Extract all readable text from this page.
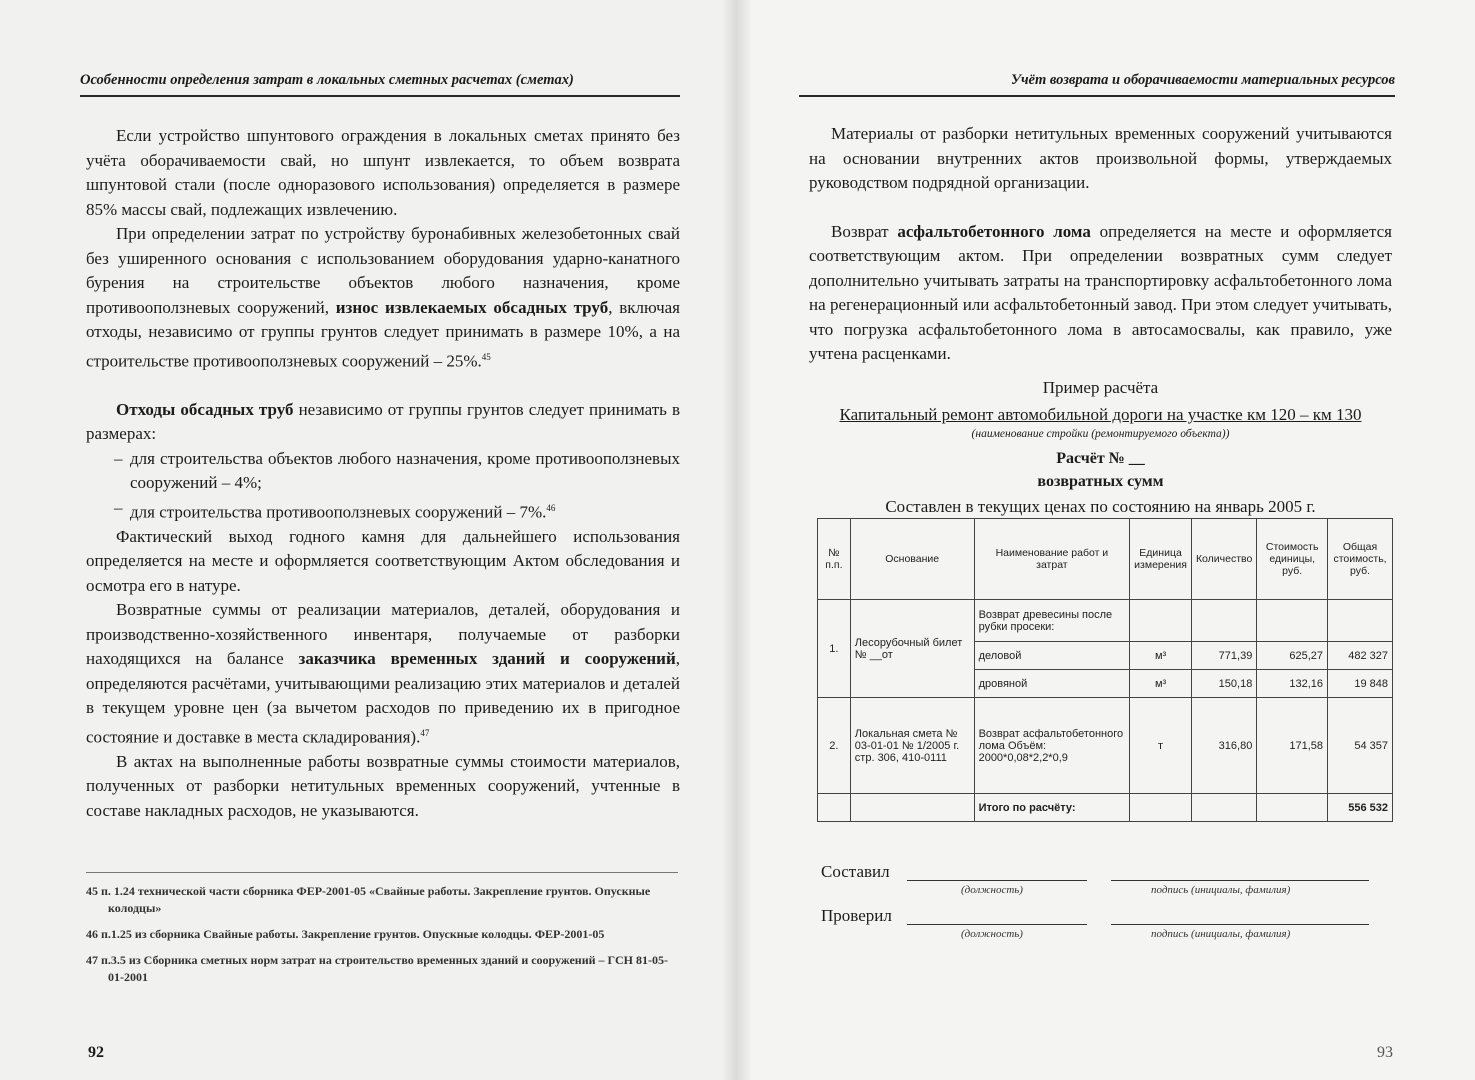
Особенности определения затрат в локальных сметных расчетах (сметах)

Если устройство шпунтового ограждения в локальных сметах принято без учёта оборачиваемости свай, но шпунт извлекается, то объем возврата шпунтовой стали (после одноразового использования) определяется в размере 85% массы свай, подлежащих извлечению.

При определении затрат по устройству буронабивных железобетонных свай без уширенного основания с использованием оборудования ударно-канатного бурения на строительстве объектов любого назначения, кроме противооползневых сооружений, износ извлекаемых обсадных труб, включая отходы, независимо от группы грунтов следует принимать в размере 10%, а на строительстве противооползневых сооружений – 25%.$^{45}$

Отходы обсадных труб независимо от группы грунтов следует принимать в размерах:

– для строительства объектов любого назначения, кроме противооползневых сооружений – 4%;

– для строительства противооползневых сооружений – 7%.$^{46}$

Фактический выход годного камня для дальнейшего использования определяется на месте и оформляется соответствующим Актом обследования и осмотра его в натуре.

Возвратные суммы от реализации материалов, деталей, оборудования и производственно-хозяйственного инвентаря, получаемые от разборки находящихся на балансе заказчика временных зданий и сооружений, определяются расчётами, учитывающими реализацию этих материалов и деталей в текущем уровне цен (за вычетом расходов по приведению их в пригодное состояние и доставке в места складирования).$^{47}$

В актах на выполненные работы возвратные суммы стоимости материалов, полученных от разборки нетитульных временных сооружений, учтенные в составе накладных расходов, не указываются.

45 п. 1.24 технической части сборника ФЕР-2001-05 «Свайные работы. Закрепление грунтов. Опускные колодцы»
46 п.1.25 из сборника Свайные работы. Закрепление грунтов. Опускные колодцы. ФЕР-2001-05
47 п.3.5 из Сборника сметных норм затрат на строительство временных зданий и сооружений – ГСН 81-05-01-2001
92
Учёт возврата и оборачиваемости материальных ресурсов

Материалы от разборки нетитульных временных сооружений учитываются на основании внутренних актов произвольной формы, утверждаемых руководством подрядной организации.

Возврат асфальтобетонного лома определяется на месте и оформляется соответствующим актом. При определении возвратных сумм следует дополнительно учитывать затраты на транспортировку асфальтобетонного лома на регенерационный или асфальтобетонный завод. При этом следует учитывать, что погрузка асфальтобетонного лома в автосамосвалы, как правило, уже учтена расценками.

Пример расчёта
Капитальный ремонт автомобильной дороги на участке км 120 – км 130
(наименование стройки (ремонтируемого объекта))
Расчёт № __
возвратных сумм
Составлен в текущих ценах по состоянию на январь 2005 г.
№ п.п.	Основание	Наименование работ и затрат	Единица измерения	Количество	Стоимость единицы, руб.	Общая стоимость, руб.
1.	Лесорубочный билет № __от	Возврат древесины после рубки просеки:				
		деловой	м³	771,39	625,27	482 327
		дровяной	м³	150,18	132,16	19 848
2.	Локальная смета № 03-01-01 № 1/2005 г. стр. 306, 410-0111	Возврат асфальтобетонного лома Объём: 2000*0,08*2,2*0,9	т	316,80	171,58	54 357
		Итого по расчёту:				556 532
Составил
(должность)	подпись (инициалы, фамилия)
Проверил
(должность)	подпись (инициалы, фамилия)
93
